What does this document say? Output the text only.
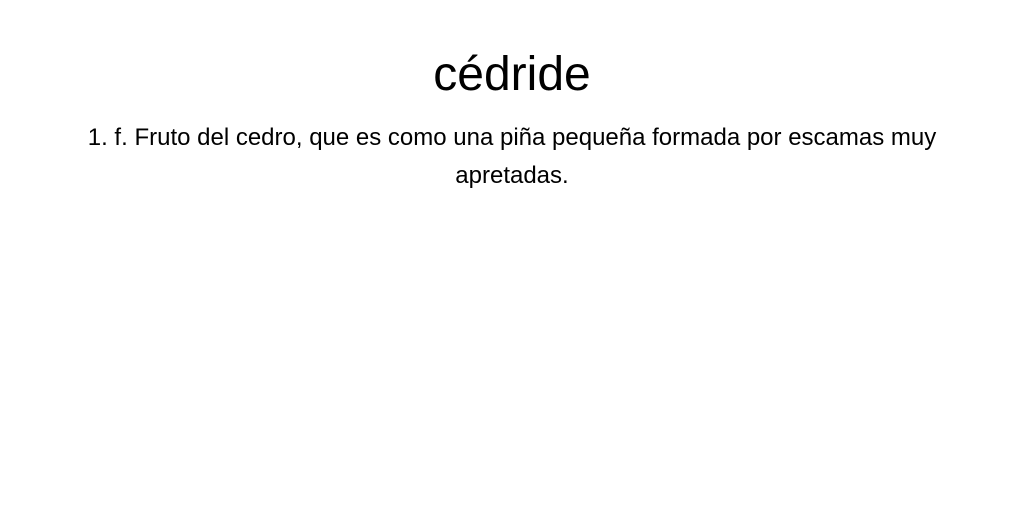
cédride

1. f. Fruto del cedro, que es como una piña pequeña formada por escamas muy apretadas.
